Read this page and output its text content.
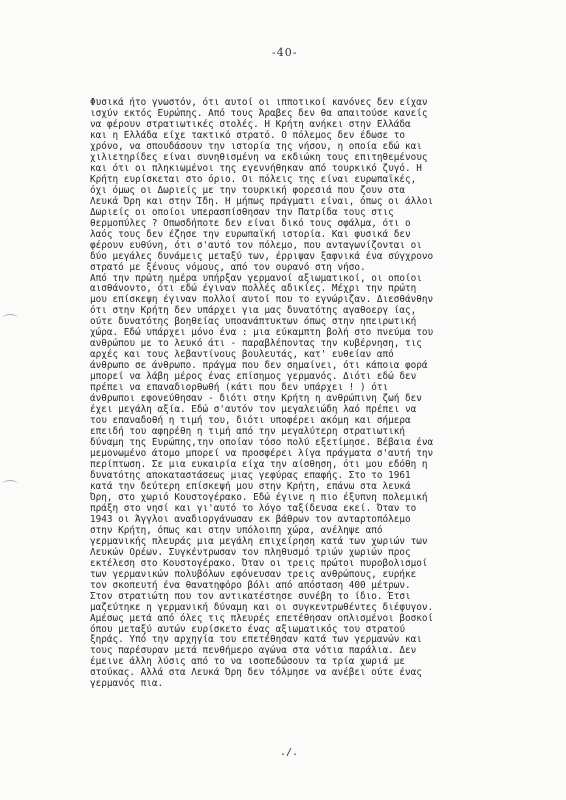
-40-
Φυσικά ήτο γνωστόν, ότι αυτοί οι ιπποτικοί κανόνες δεν είχαν
ισχύν εκτός Ευρώπης. Από τους Άραβες δεν θα απαιτούσε κανείς
να φέρουν στρατιωτικές στολές. Η Κρήτη ανήκει στην Ελλάδα
και η Ελλάδα είχε τακτικό στρατό. Ο πόλεμος δεν έδωσε το
χρόνο, να σπουδάσουν την ιστορία της νήσου, η οποία εδώ και
χιλιετηρίδες είναι συνηθισμένη να εκδιώκη τους επιτηθεμένους
και ότι οι πληκιωμένοι της εγεννήθηκαν από τουρκικό ζυγό. Η
Κρήτη ευρίσκεται στο όριο. Οι πόλεις της είναι ευρωπαϊκές,
όχι όμως οι Δωριείς με την τουρκική φορεσιά που ζουν στα
Λευκά Όρη και στην Ίδη. Η μήπως πράγματι είναι, όπως οι άλλοι
Δωριείς οι οποίοι υπερασπίσθησαν την Πατρίδα τους στις
θερμοπύλες ? Οπωσδήποτε δεν είναι δικό τους σφάλμα, ότι ο
λαός τους δεν έζησε την ευρωπαϊκή ιστορία. Και φυσικά δεν
φέρουν ευθύνη, ότι σ'αυτό τον πόλεμο, που ανταγωνίζονται οι
δύο μεγάλες δυνάμεις μεταξύ των, έρριψαν ξαφνικά ένα σύγχρονο
στρατό με ξένους νόμους, από τον ουρανό στη νήσο.
Από την πρώτη ημέρα υπήρξαν γερμανοί αξιωματικοί, οι οποίοι
αισθάνοντο, ότι εδώ έγιναν πολλές αδικίες. Μέχρι την πρώτη
μου επίσκεψη έγιναν πολλοί αυτοί που το εγνώριζαν. Διεσθάνθην
ότι στην Κρήτη δεν υπάρχει για μας δυνατότης αγαθοεργ ίας,
ούτε δυνατότης βοηθείας υποανάπτυκτων όπως στην ηπειρωτική
χώρα. Εδώ υπάρχει μόνο ένα : μια εύκαμπτη βολή στο πνεύμα του
ανθρώπου με το λευκό άτι - παραβλέποντας την κυβέρνηση, τις
αρχές και τους λεβαντίνους βουλευτάς, κατ' ευθείαν από
άνθρωπο σε άνθρωπο. πράγμα που δεν σημαίνει, ότι κάποια φορά
μπορεί να λάβη μέρος ένας επίσημος γερμανός. Διότι εδώ δεν
πρέπει να επαναδιορθωθή (κάτι που δεν υπάρχει ! ) ότι
άνθρωποι εφονεύθησαν - διότι στην Κρήτη η ανθρώπινη ζωή δεν
έχει μεγάλη αξία. Εδώ σ'αυτόν τον μεγαλειώδη λαό πρέπει να
του επαναδοθή η τιμή του, διότι υποφέρει ακόμη και σήμερα
επειδή του αφηρέθη η τιμή από την μεγαλύτερη στρατιωτική
δύναμη της Ευρώπης,την οποίαν τόσο πολύ εξετίμησε. Βέβαια ένα
μεμονωμένο άτομο μπορεί να προσφέρει λίγα πράγματα σ'αυτή την
περίπτωση. Σε μια ευκαιρία είχα την αίσθηση, ότι μου εδόθη η
δυνατότης αποκαταστάσεως μιας γεφύρας επαφής. Στο το 1961
κατά την δεύτερη επίσκεψή μου στην Κρήτη, επάνω στα λευκά
Όρη, στο χωριό Κουστογέρακο. Εδώ έγινε η πιο έξυπνη πολεμική
πράξη στο νησί και γι'αυτό το λόγο ταξίδευσα εκεί. Όταν το
1943 οι Άγγλοι αναδιοργάνωσαν εκ βάθρων τον ανταρτοπόλεμο
στην Κρήτη, όπως και στην υπόλοιπη χώρα, ανέληψε από
γερμανικής πλευράς μια μεγάλη επιχείρηση κατά των χωριών των
Λευκών Ορέων. Συγκέντρωσαν τον πληθυσμό τριών χωριών προς
εκτέλεση στο Κουστογέρακο. Όταν οι τρεις πρώτοι πυροβολισμοί
των γερμανικών πολυβόλων εφόνευσαν τρεις ανθρώπους, ευρήκε
τον σκοπευτή ένα θανατηφόρο βόλι από απόσταση 400 μέτρων.
Στον στρατιώτη που τον αντικατέστησε συνέβη το ίδιο. Έτσι
μαζεύτηκε η γερμανική δύναμη και οι συγκεντρωθέντες διέφυγον.
Αμέσως μετά από όλες τις πλευρές επετέθησαν οπλισμένοι βοσκοί
όπου μεταξύ αυτών ευρίσκετο ένας αξιωματικός του στρατού
ξηράς. Υπό την αρχηγία του επετέθησαν κατά των γερμανών και
τους παρέσυραν μετά πενθήμερο αγώνα στα νότια παράλια. Δεν
έμεινε άλλη λύσις από το να ισοπεδώσουν τα τρία χωριά με
στούκας. Αλλά στα Λευκά Όρη δεν τόλμησε να ανέβει ούτε ένας
γερμανός πια.
./.
